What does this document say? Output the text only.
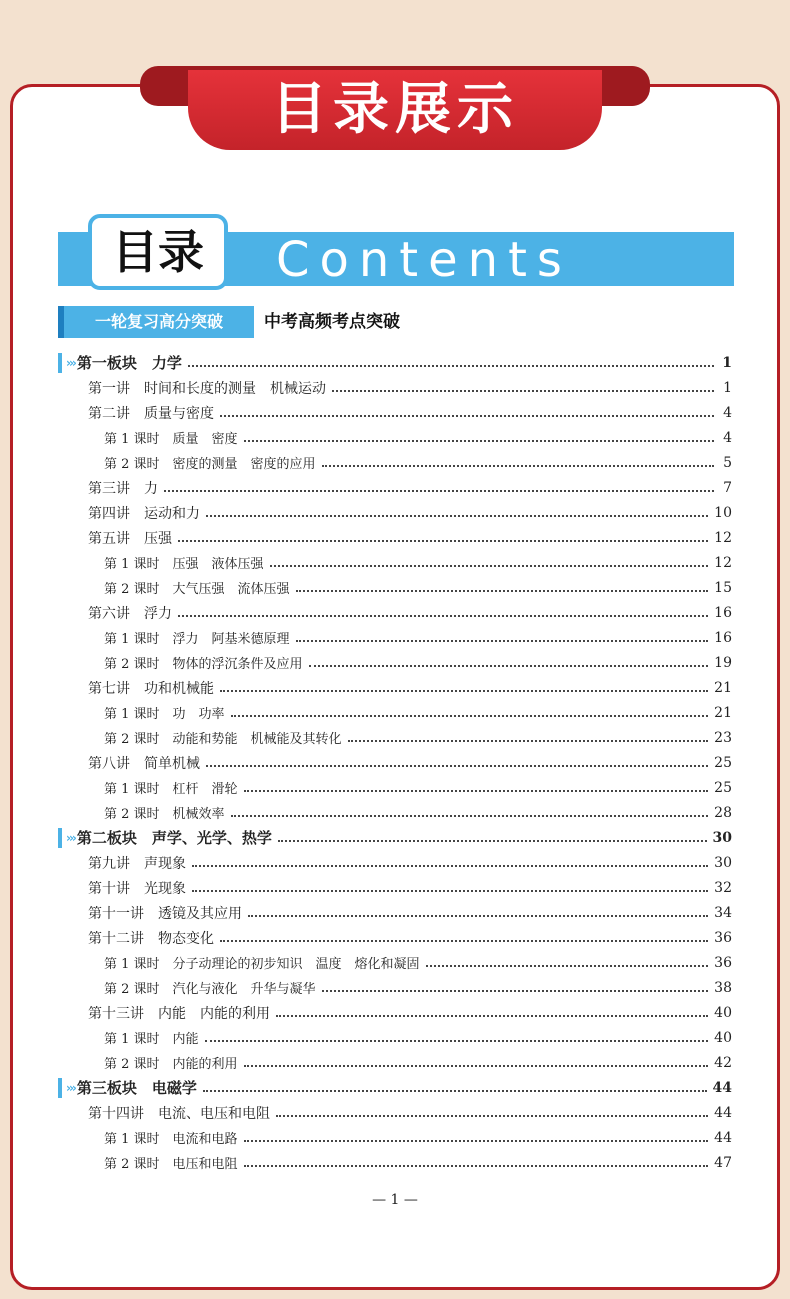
目录展示
Contents
目录
一轮复习高分突破	中考高频考点突破
››› 第一板块　力学	1
第一讲　时间和长度的测量　机械运动	1
第二讲　质量与密度	4
第 1 课时　质量　密度	4
第 2 课时　密度的测量　密度的应用	5
第三讲　力	7
第四讲　运动和力	10
第五讲　压强	12
第 1 课时　压强　液体压强	12
第 2 课时　大气压强　流体压强	15
第六讲　浮力	16
第 1 课时　浮力　阿基米德原理	16
第 2 课时　物体的浮沉条件及应用	19
第七讲　功和机械能	21
第 1 课时　功　功率	21
第 2 课时　动能和势能　机械能及其转化	23
第八讲　简单机械	25
第 1 课时　杠杆　滑轮	25
第 2 课时　机械效率	28
››› 第二板块　声学、光学、热学	30
第九讲　声现象	30
第十讲　光现象	32
第十一讲　透镜及其应用	34
第十二讲　物态变化	36
第 1 课时　分子动理论的初步知识　温度　熔化和凝固	36
第 2 课时　汽化与液化　升华与凝华	38
第十三讲　内能　内能的利用	40
第 1 课时　内能	40
第 2 课时　内能的利用	42
››› 第三板块　电磁学	44
第十四讲　电流、电压和电阻	44
第 1 课时　电流和电路	44
第 2 课时　电压和电阻	47
— 1 —
